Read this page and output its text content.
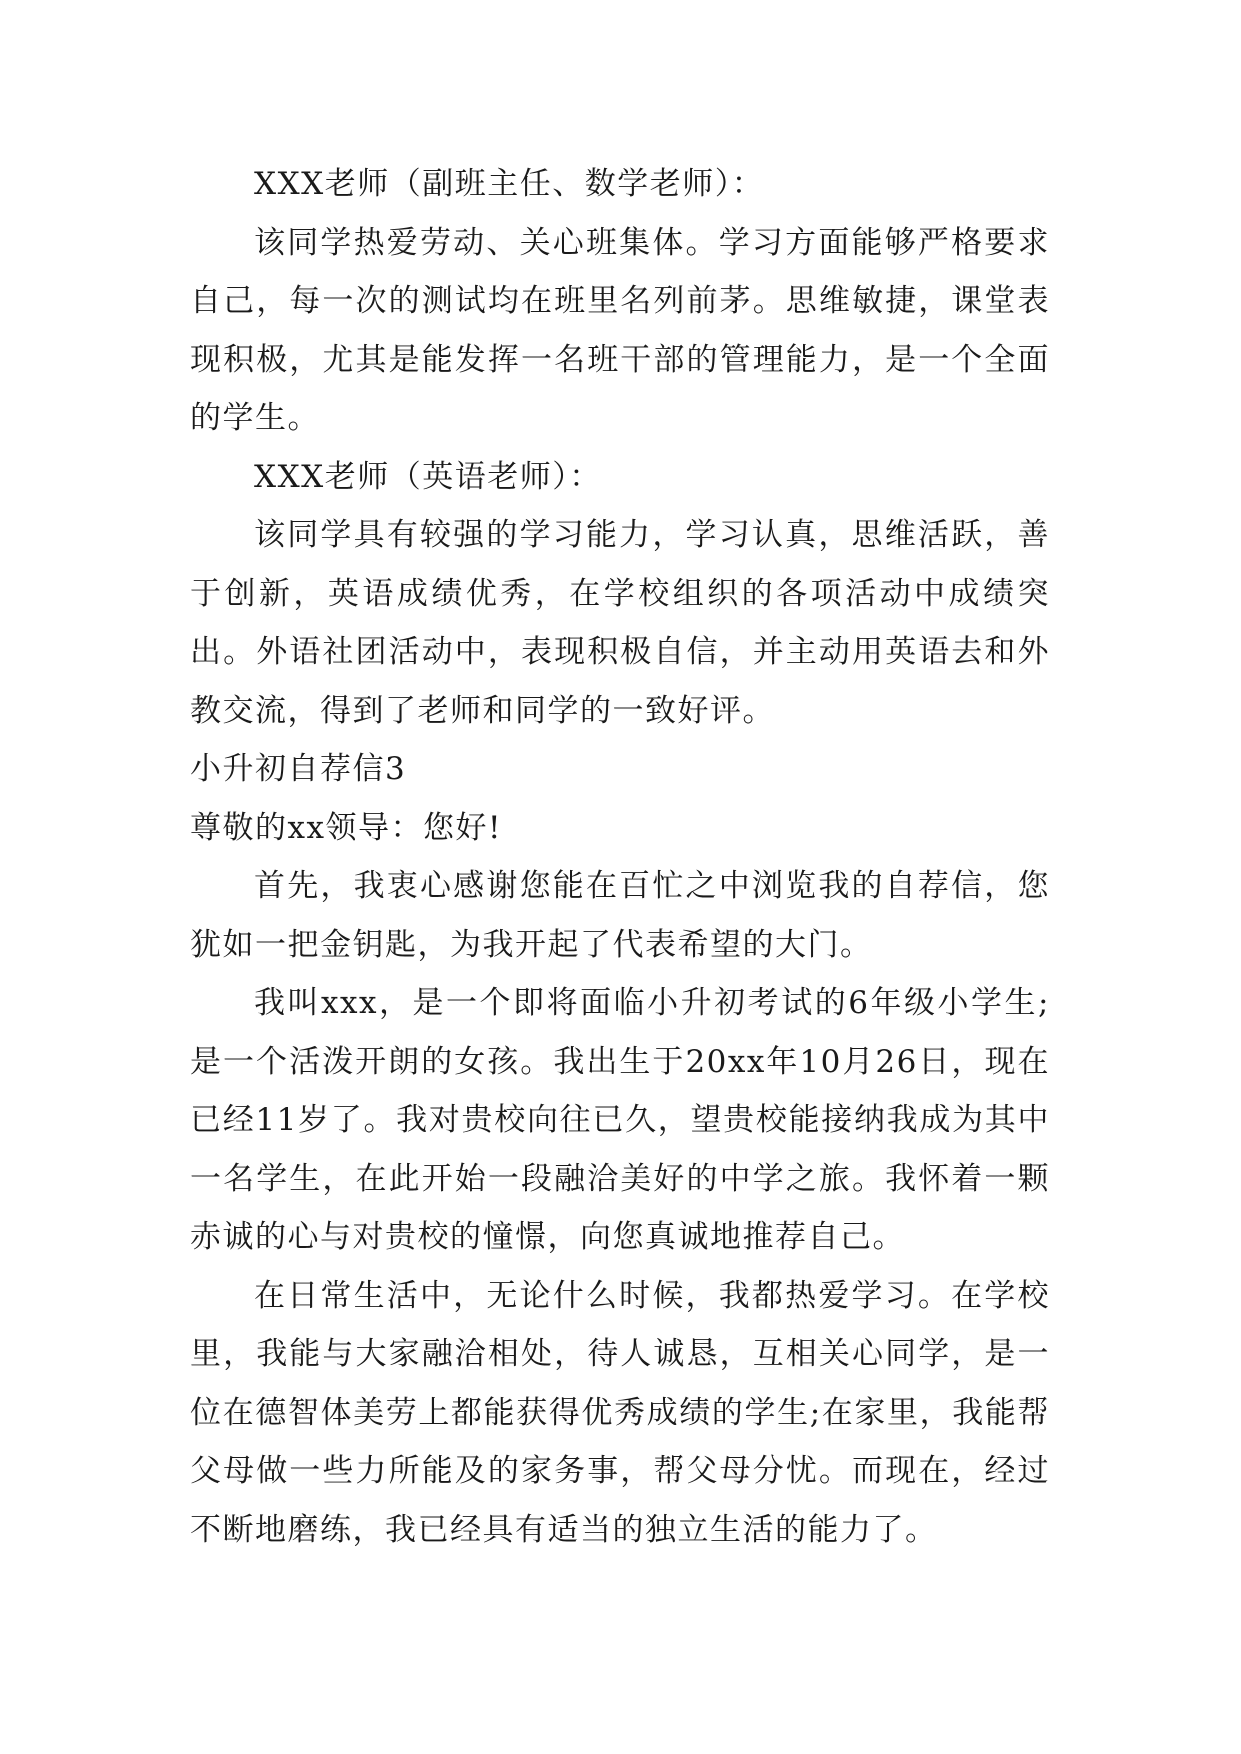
XXX老师（副班主任、数学老师）：

该同学热爱劳动、关心班集体。学习方面能够严格要求自己，每一次的测试均在班里名列前茅。思维敏捷，课堂表现积极，尤其是能发挥一名班干部的管理能力，是一个全面的学生。

XXX老师（英语老师）：

该同学具有较强的学习能力，学习认真，思维活跃，善于创新，英语成绩优秀，在学校组织的各项活动中成绩突出。外语社团活动中，表现积极自信，并主动用英语去和外教交流，得到了老师和同学的一致好评。

小升初自荐信3

尊敬的xx领导：您好!

首先，我衷心感谢您能在百忙之中浏览我的自荐信，您犹如一把金钥匙，为我开起了代表希望的大门。

我叫xxx，是一个即将面临小升初考试的6年级小学生;是一个活泼开朗的女孩。我出生于20xx年10月26日，现在已经11岁了。我对贵校向往已久，望贵校能接纳我成为其中一名学生，在此开始一段融洽美好的中学之旅。我怀着一颗赤诚的心与对贵校的憧憬，向您真诚地推荐自己。

在日常生活中，无论什么时候，我都热爱学习。在学校里，我能与大家融洽相处，待人诚恳，互相关心同学，是一位在德智体美劳上都能获得优秀成绩的学生;在家里，我能帮父母做一些力所能及的家务事，帮父母分忧。而现在，经过不断地磨练，我已经具有适当的独立生活的能力了。
